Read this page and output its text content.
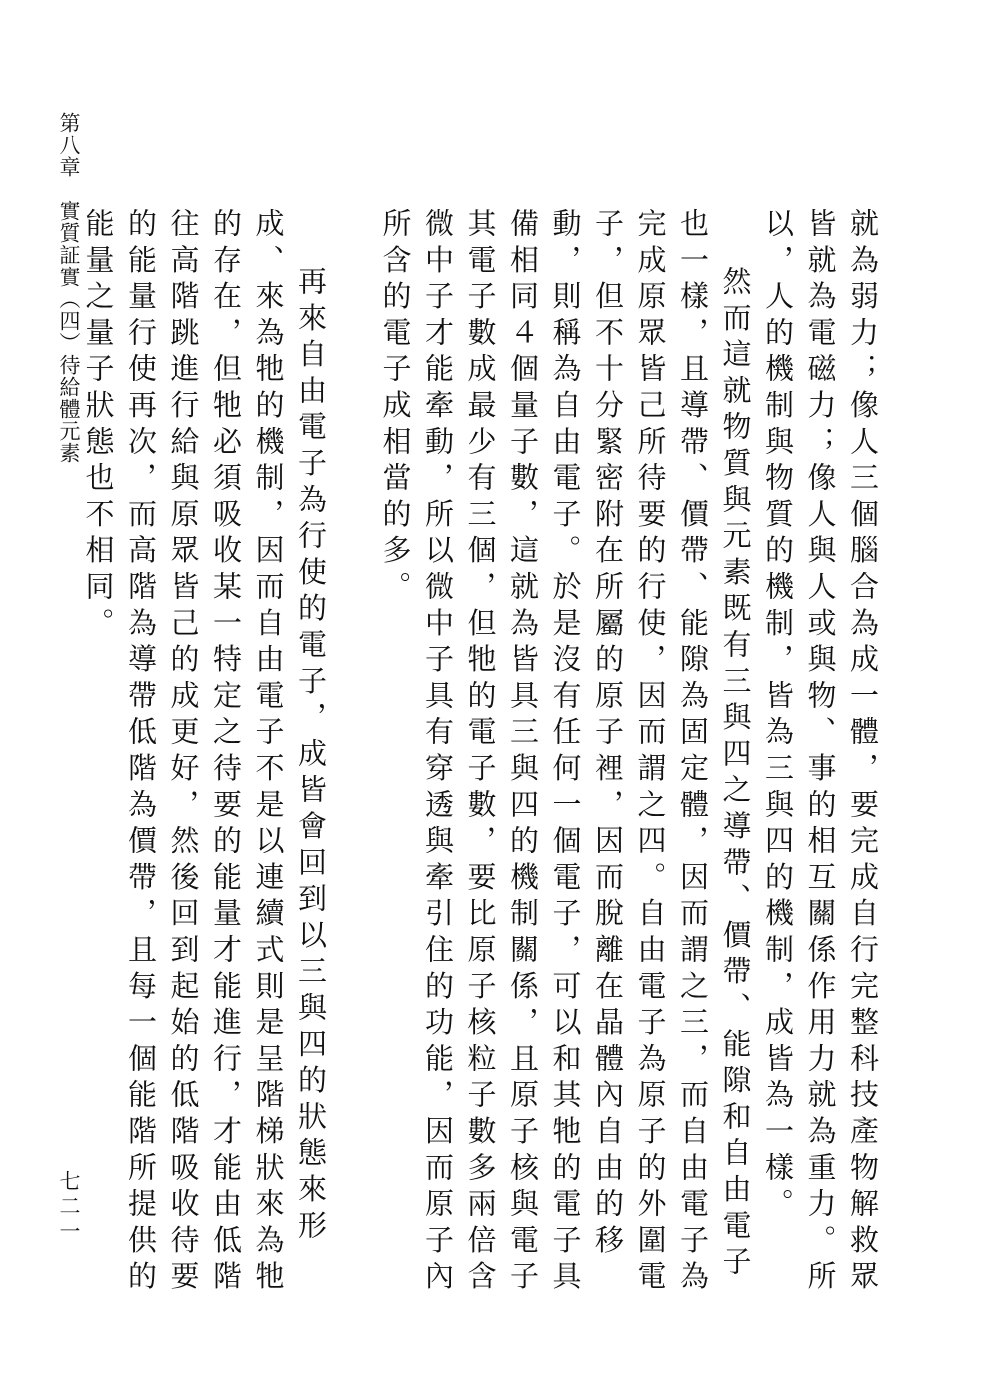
第八章　實質証實（四）待給體元素	就為弱力；像人三個腦合為成一體，要完成自行完整科技產物解救眾皆就為電磁力；像人與人或與物、事的相互關係作用力就為重力。所以，人的機制與物質的機制，皆為三與四的機制，成皆為一樣。

然而這就物質與元素既有三與四之導帶、價帶、能隙和自由電子也一樣，且導帶、價帶、能隙為固定體，因而謂之三，而自由電子為完成原眾皆己所待要的行使，因而謂之四。自由電子為原子的外圍電子，但不十分緊密附在所屬的原子裡，因而脫離在晶體內自由的移動，則稱為自由電子。於是沒有任何一個電子，可以和其牠的電子具備相同４個量子數，這就為皆具三與四的機制關係，且原子核與電子其電子數成最少有三個，但牠的電子數，要比原子核粒子數多兩倍含微中子才能牽動，所以微中子具有穿透與牽引住的功能，因而原子內所含的電子成相當的多。

再來自由電子為行使的電子，成皆會回到以三與四的狀態來形成、來為牠的機制，因而自由電子不是以連續式則是呈階梯狀來為牠的存在，但牠必須吸收某一特定之待要的能量才能進行，才能由低階往高階跳進行給與原眾皆己的成更好，然後回到起始的低階吸收待要的能量行使再次，而高階為導帶低階為價帶，且每一個能階所提供的能量之量子狀態也不相同。

七二一
